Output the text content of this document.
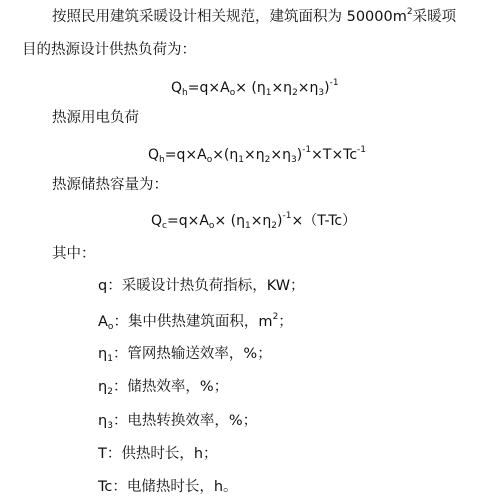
按照民用建筑采暖设计相关规范，建筑面积为 $50000m^2$采暖项
目的热源设计供热负荷为：
$Q_h=q\times A_o\times (\eta_1\times\eta_2\times\eta_3)^{-1}$
热源用电负荷
$Q_h=q\times A_o\times(\eta_1\times\eta_2\times\eta_3)^{-1}\times T\times Tc^{-1}$
热源储热容量为：
$Q_c=q\times A_o\times (\eta_1\times\eta_2)^{-1}\times(T-Tc)$
其中：
q：采暖设计热负荷指标，KW；
$A_o$：集中供热建筑面积，$m^2$；
$\eta_1$：管网热输送效率，%；
$\eta_2$：储热效率，%；
$\eta_3$：电热转换效率，%；
T：供热时长，h；
Tc：电储热时长，h。
